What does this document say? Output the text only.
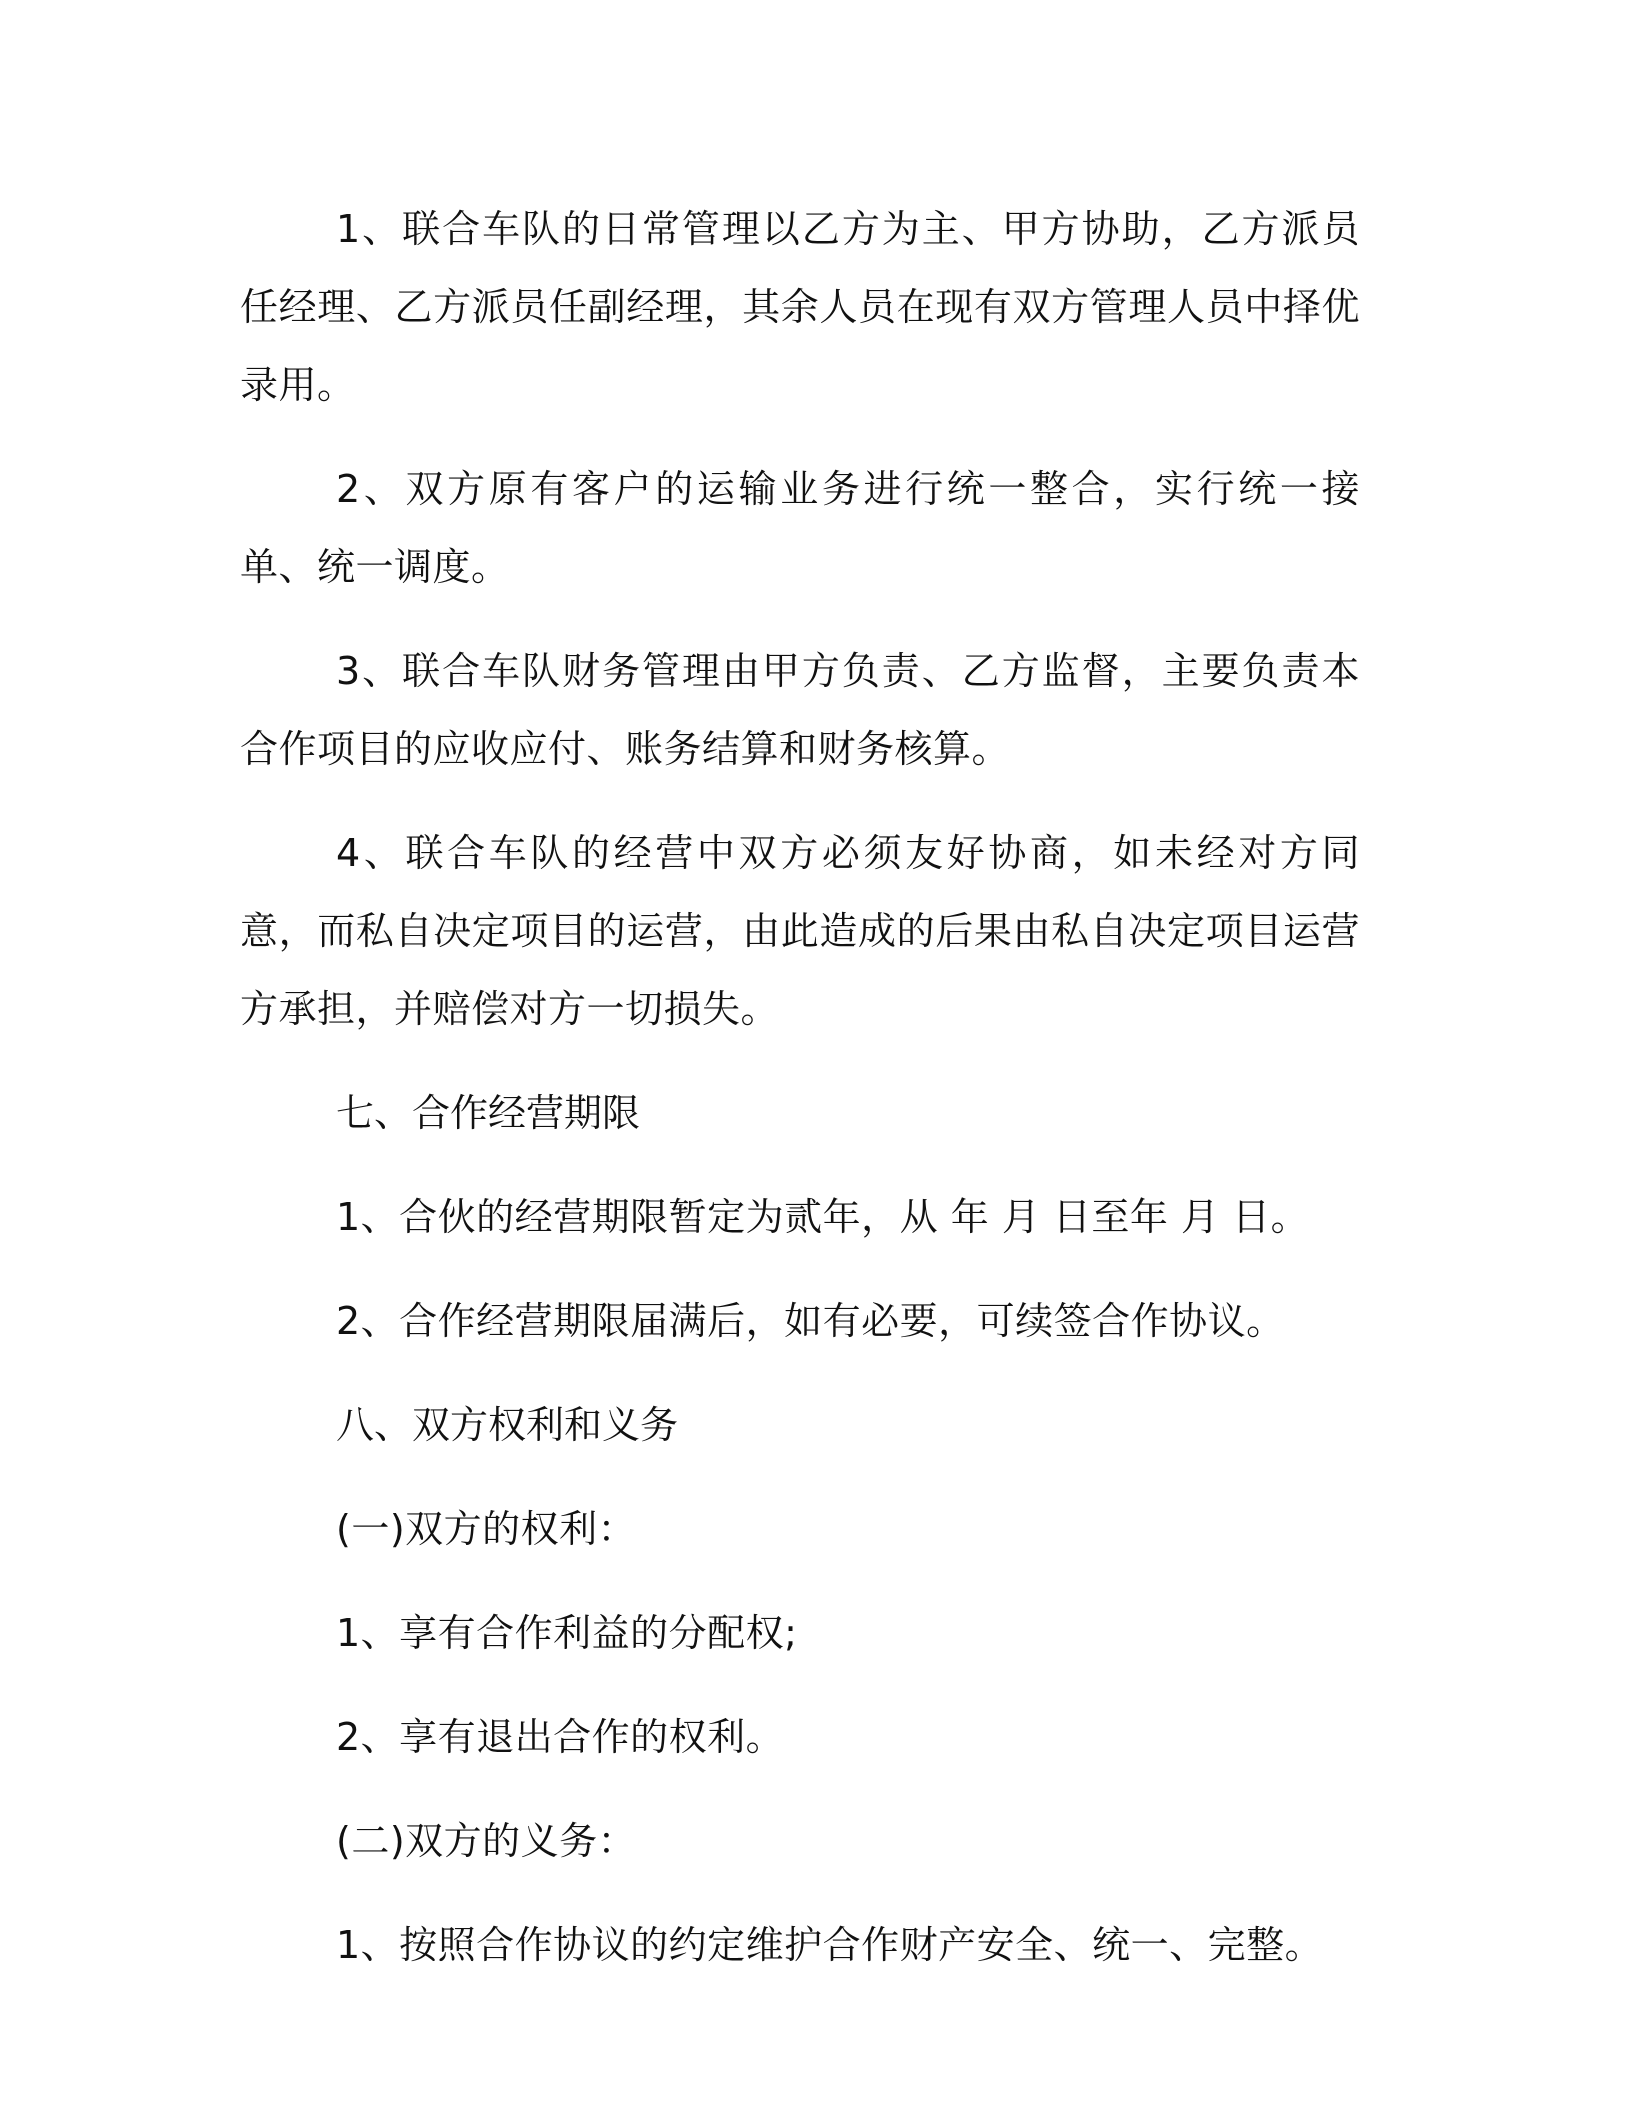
1、联合车队的日常管理以乙方为主、甲方协助，乙方派员任经理、乙方派员任副经理，其余人员在现有双方管理人员中择优录用。

2、双方原有客户的运输业务进行统一整合，实行统一接单、统一调度。

3、联合车队财务管理由甲方负责、乙方监督，主要负责本合作项目的应收应付、账务结算和财务核算。

4、联合车队的经营中双方必须友好协商，如未经对方同意，而私自决定项目的运营，由此造成的后果由私自决定项目运营方承担，并赔偿对方一切损失。

七、合作经营期限

1、合伙的经营期限暂定为贰年，从 年 月 日至年 月 日。

2、合作经营期限届满后，如有必要，可续签合作协议。

八、双方权利和义务

(一)双方的权利：

1、享有合作利益的分配权;

2、享有退出合作的权利。

(二)双方的义务：

1、按照合作协议的约定维护合作财产安全、统一、完整。
